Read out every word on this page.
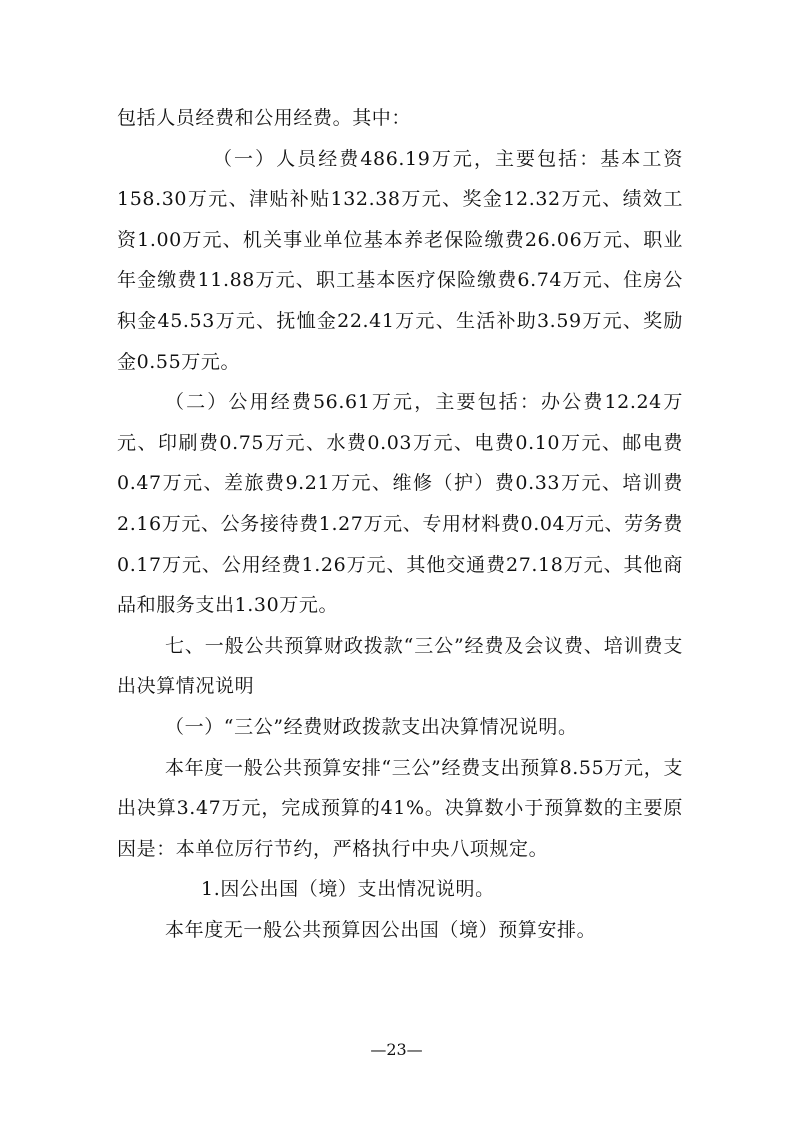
包括人员经费和公用经费。其中：

（一）人员经费486.19万元，主要包括：基本工资158.30万元、津贴补贴132.38万元、奖金12.32万元、绩效工资1.00万元、机关事业单位基本养老保险缴费26.06万元、职业年金缴费11.88万元、职工基本医疗保险缴费6.74万元、住房公积金45.53万元、抚恤金22.41万元、生活补助3.59万元、奖励金0.55万元。

（二）公用经费56.61万元，主要包括：办公费12.24万元、印刷费0.75万元、水费0.03万元、电费0.10万元、邮电费0.47万元、差旅费9.21万元、维修（护）费0.33万元、培训费2.16万元、公务接待费1.27万元、专用材料费0.04万元、劳务费0.17万元、公用经费1.26万元、其他交通费27.18万元、其他商品和服务支出1.30万元。

七、一般公共预算财政拨款“三公”经费及会议费、培训费支出决算情况说明

（一）“三公”经费财政拨款支出决算情况说明。

本年度一般公共预算安排“三公”经费支出预算8.55万元，支出决算3.47万元，完成预算的41%。决算数小于预算数的主要原因是：本单位厉行节约，严格执行中央八项规定。

1.因公出国（境）支出情况说明。

本年度无一般公共预算因公出国（境）预算安排。

—23—
